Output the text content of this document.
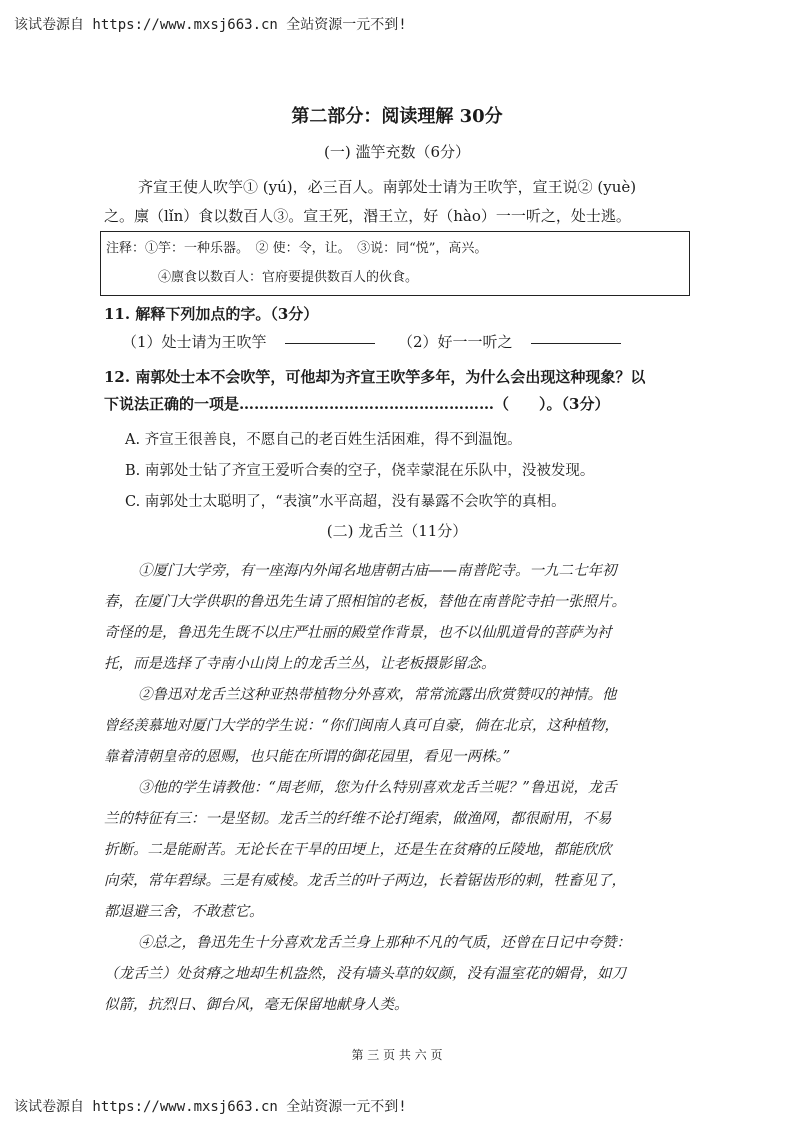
该试卷源自 https://www.mxsj663.cn 全站资源一元不到!
第二部分：阅读理解 30分
(一) 滥竽充数（6分）
齐宣王使人吹竽① (yú)，必三百人。南郭处士请为王吹竽，宣王说② (yuè)
之。廪（lǐn）食以数百人③。宣王死，湣王立，好（hào）一一听之，处士逃。
注释：①竽：一种乐器。　② 使：令，让。　③说：同“悦”，高兴。
④廪食以数百人：官府要提供数百人的伙食。
11. 解释下列加点的字。（3分）
（1）处士请为王吹竽	（2）好一一听之
12. 南郭处士本不会吹竽，可他却为齐宣王吹竽多年，为什么会出现这种现象？以
下说法正确的一项是……………………………………………（　　）。（3分）
A. 齐宣王很善良，不愿自己的老百姓生活困难，得不到温饱。
B. 南郭处士钻了齐宣王爱听合奏的空子，侥幸蒙混在乐队中，没被发现。
C. 南郭处士太聪明了，“表演”水平高超，没有暴露不会吹竽的真相。
(二) 龙舌兰（11分）
①厦门大学旁，有一座海内外闻名地唐朝古庙——南普陀寺。一九二七年初
春，在厦门大学供职的鲁迅先生请了照相馆的老板，替他在南普陀寺拍一张照片。
奇怪的是，鲁迅先生既不以庄严壮丽的殿堂作背景，也不以仙肌道骨的菩萨为衬
托，而是选择了寺南小山岗上的龙舌兰丛，让老板摄影留念。
②鲁迅对龙舌兰这种亚热带植物分外喜欢，常常流露出欣赏赞叹的神情。他
曾经羡慕地对厦门大学的学生说：“你们闽南人真可自豪，倘在北京，这种植物，
靠着清朝皇帝的恩赐，也只能在所谓的御花园里，看见一两株。”
③他的学生请教他：“周老师，您为什么特别喜欢龙舌兰呢？”鲁迅说，龙舌
兰的特征有三：一是坚韧。龙舌兰的纤维不论打绳索，做渔网，都很耐用，不易
折断。二是能耐苦。无论长在干旱的田埂上，还是生在贫瘠的丘陵地，都能欣欣
向荣，常年碧绿。三是有威棱。龙舌兰的叶子两边，长着锯齿形的刺，牲畜见了，
都退避三舍，不敢惹它。
④总之，鲁迅先生十分喜欢龙舌兰身上那种不凡的气质，还曾在日记中夸赞：
（龙舌兰）处贫瘠之地却生机盎然，没有墙头草的奴颜，没有温室花的媚骨，如刀
似箭，抗烈日、御台风，毫无保留地献身人类。
第 三 页 共 六 页
该试卷源自 https://www.mxsj663.cn 全站资源一元不到!
